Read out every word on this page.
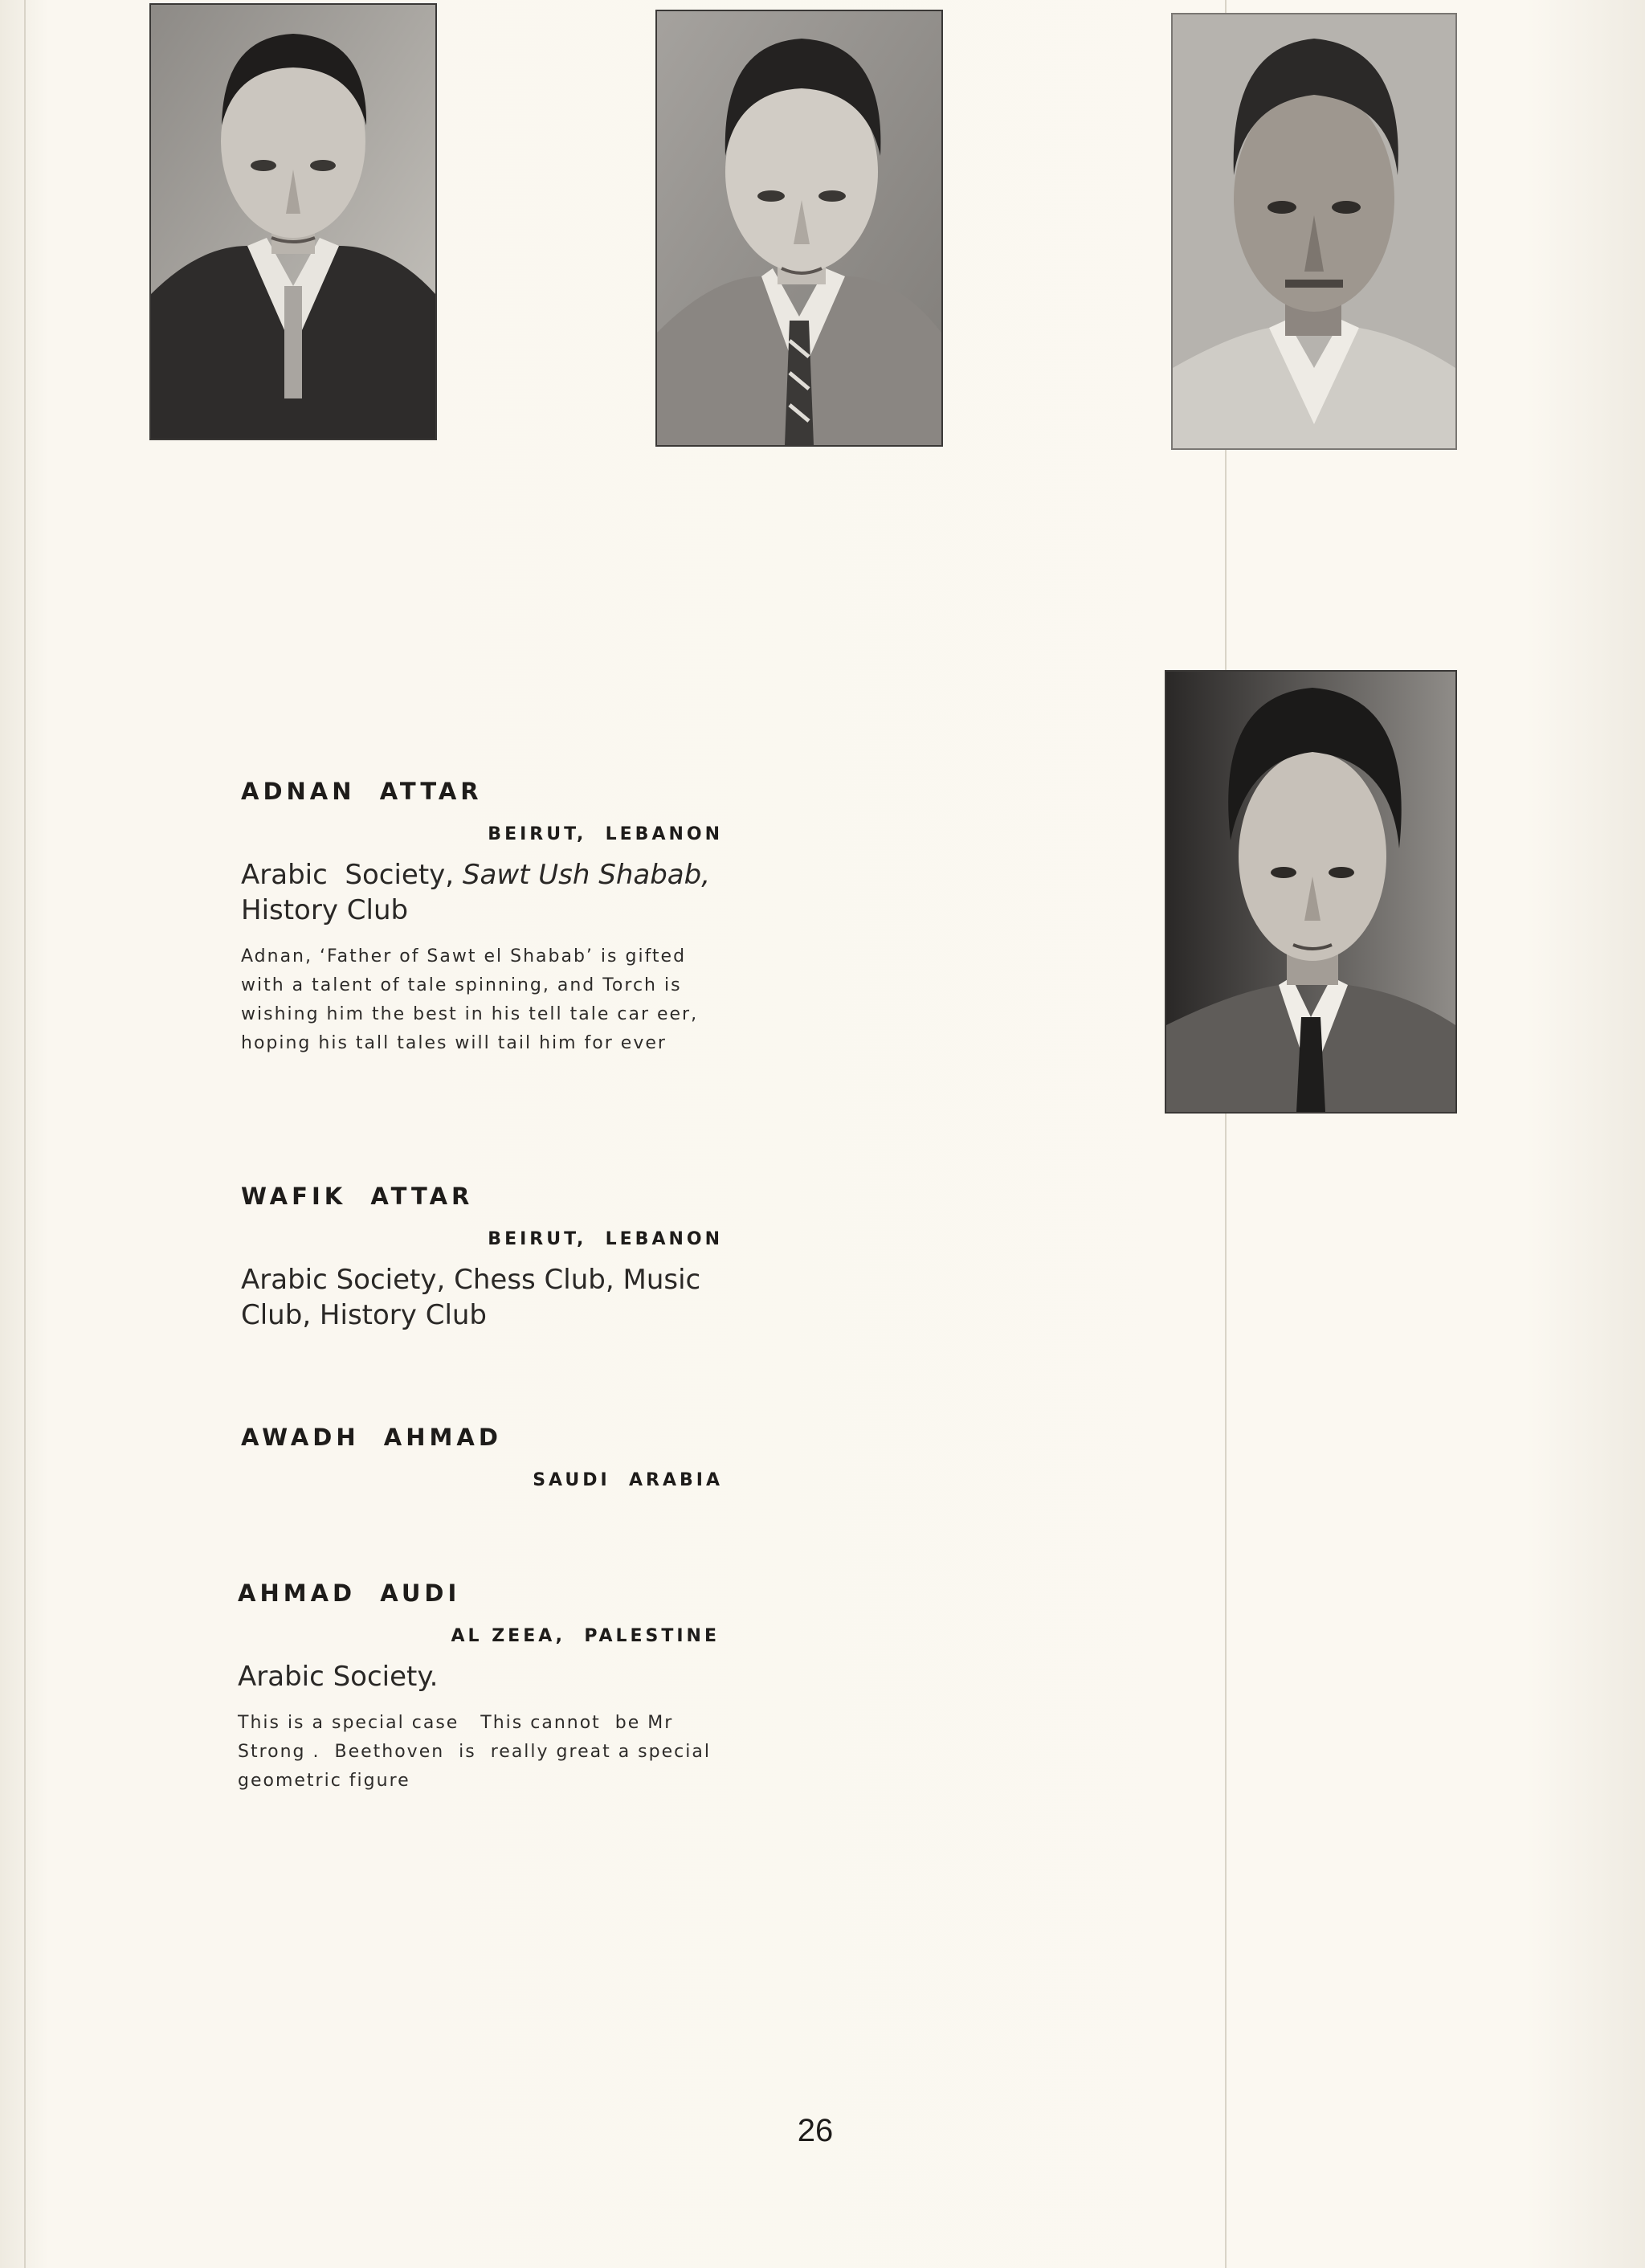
ADNAN  ATTAR

BEIRUT,  LEBANON

Arabic  Society, Sawt Ush Shabab,
History Club

Adnan, ‘Father of Sawt el Shabab’ is gifted with a talent of tale spinning, and Torch is wishing him the best in his tell tale car eer, hoping his tall tales will tail him for ever

WAFIK  ATTAR

BEIRUT,  LEBANON

Arabic Society, Chess Club, Music Club, History Club

AWADH  AHMAD

SAUDI  ARABIA

AHMAD  AUDI

AL ZEEA,  PALESTINE

Arabic Society.

This is a special case   This cannot  be Mr Strong .  Beethoven  is  really great a special geometric figure

26
